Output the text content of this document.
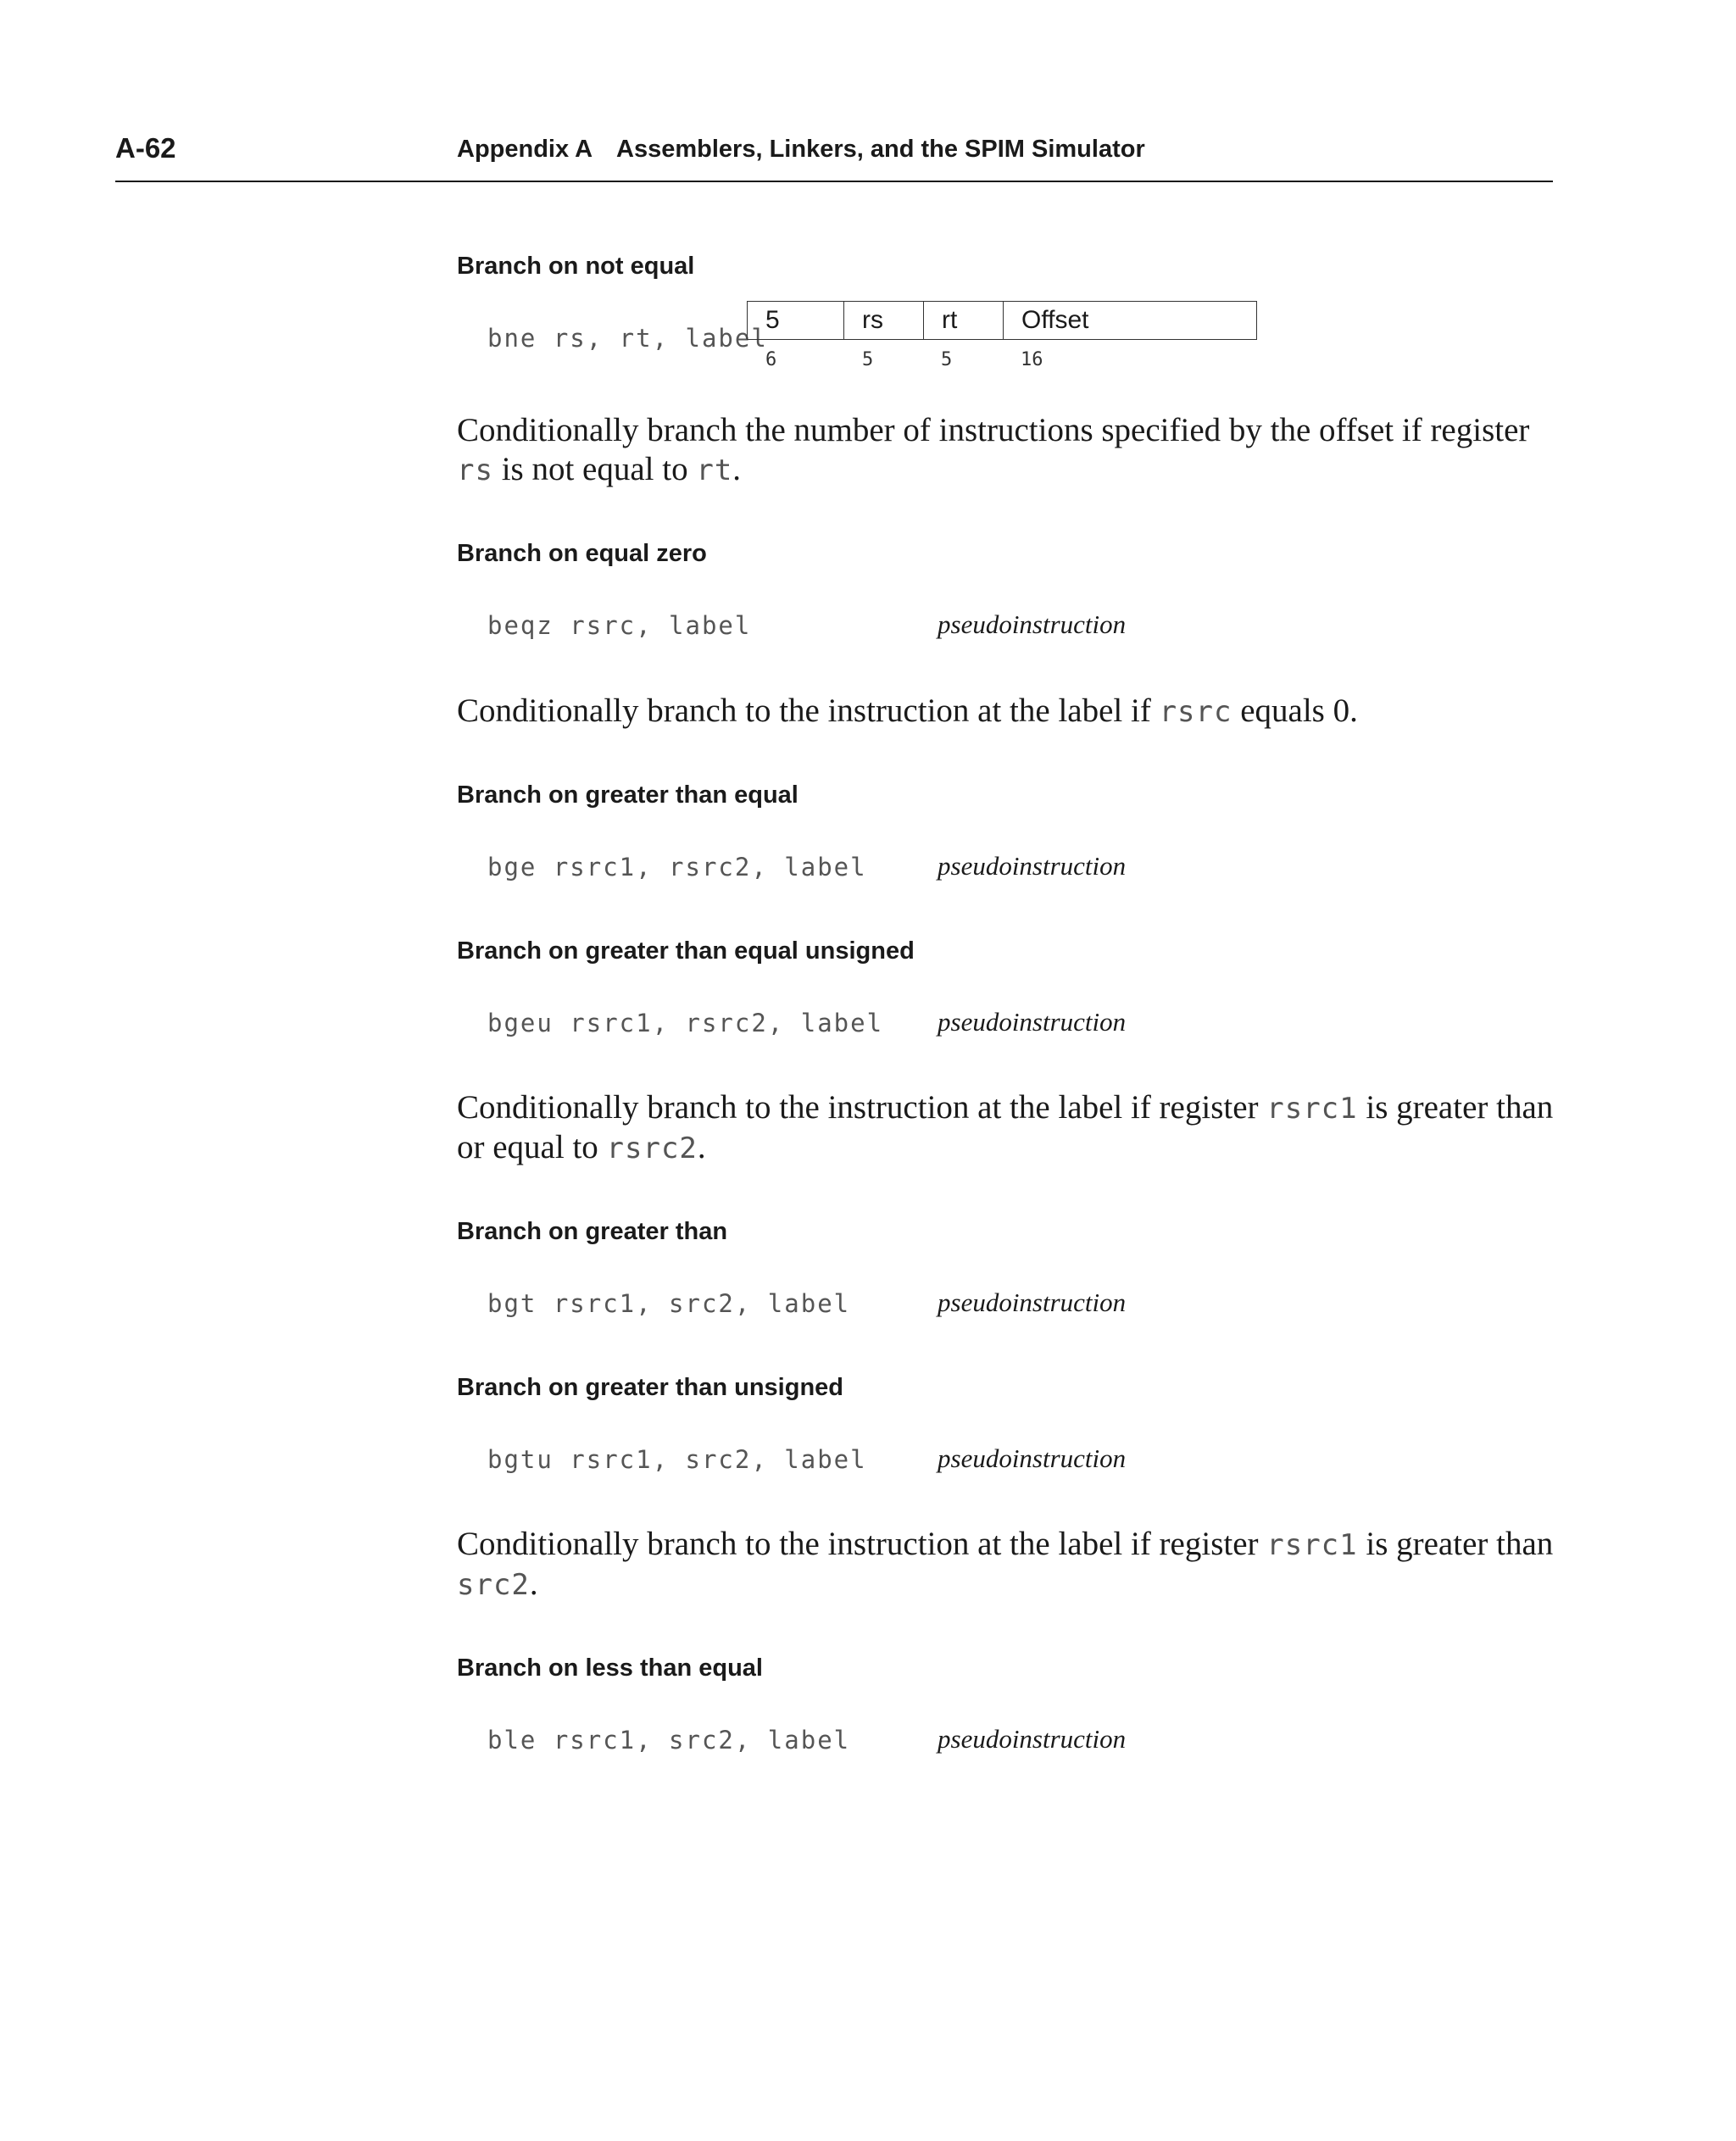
A-62	Appendix A Assemblers, Linkers, and the SPIM Simulator
Branch on not equal
bne rs, rt, label
5	rs	rt	Offset
6	5	5	16
Conditionally branch the number of instructions specified by the offset if register
rs is not equal to rt.
Branch on equal zero
beqz rsrc, label	pseudoinstruction
Conditionally branch to the instruction at the label if rsrc equals 0.
Branch on greater than equal
bge rsrc1, rsrc2, label	pseudoinstruction
Branch on greater than equal unsigned
bgeu rsrc1, rsrc2, label pseudoinstruction
Conditionally branch to the instruction at the label if register rsrc1 is greater than
or equal to rsrc2.
Branch on greater than
bgt rsrc1, src2, label	pseudoinstruction
Branch on greater than unsigned
bgtu rsrc1, src2, label	pseudoinstruction
Conditionally branch to the instruction at the label if register rsrc1 is greater than
src2.
Branch on less than equal
ble rsrc1, src2, label	pseudoinstruction
